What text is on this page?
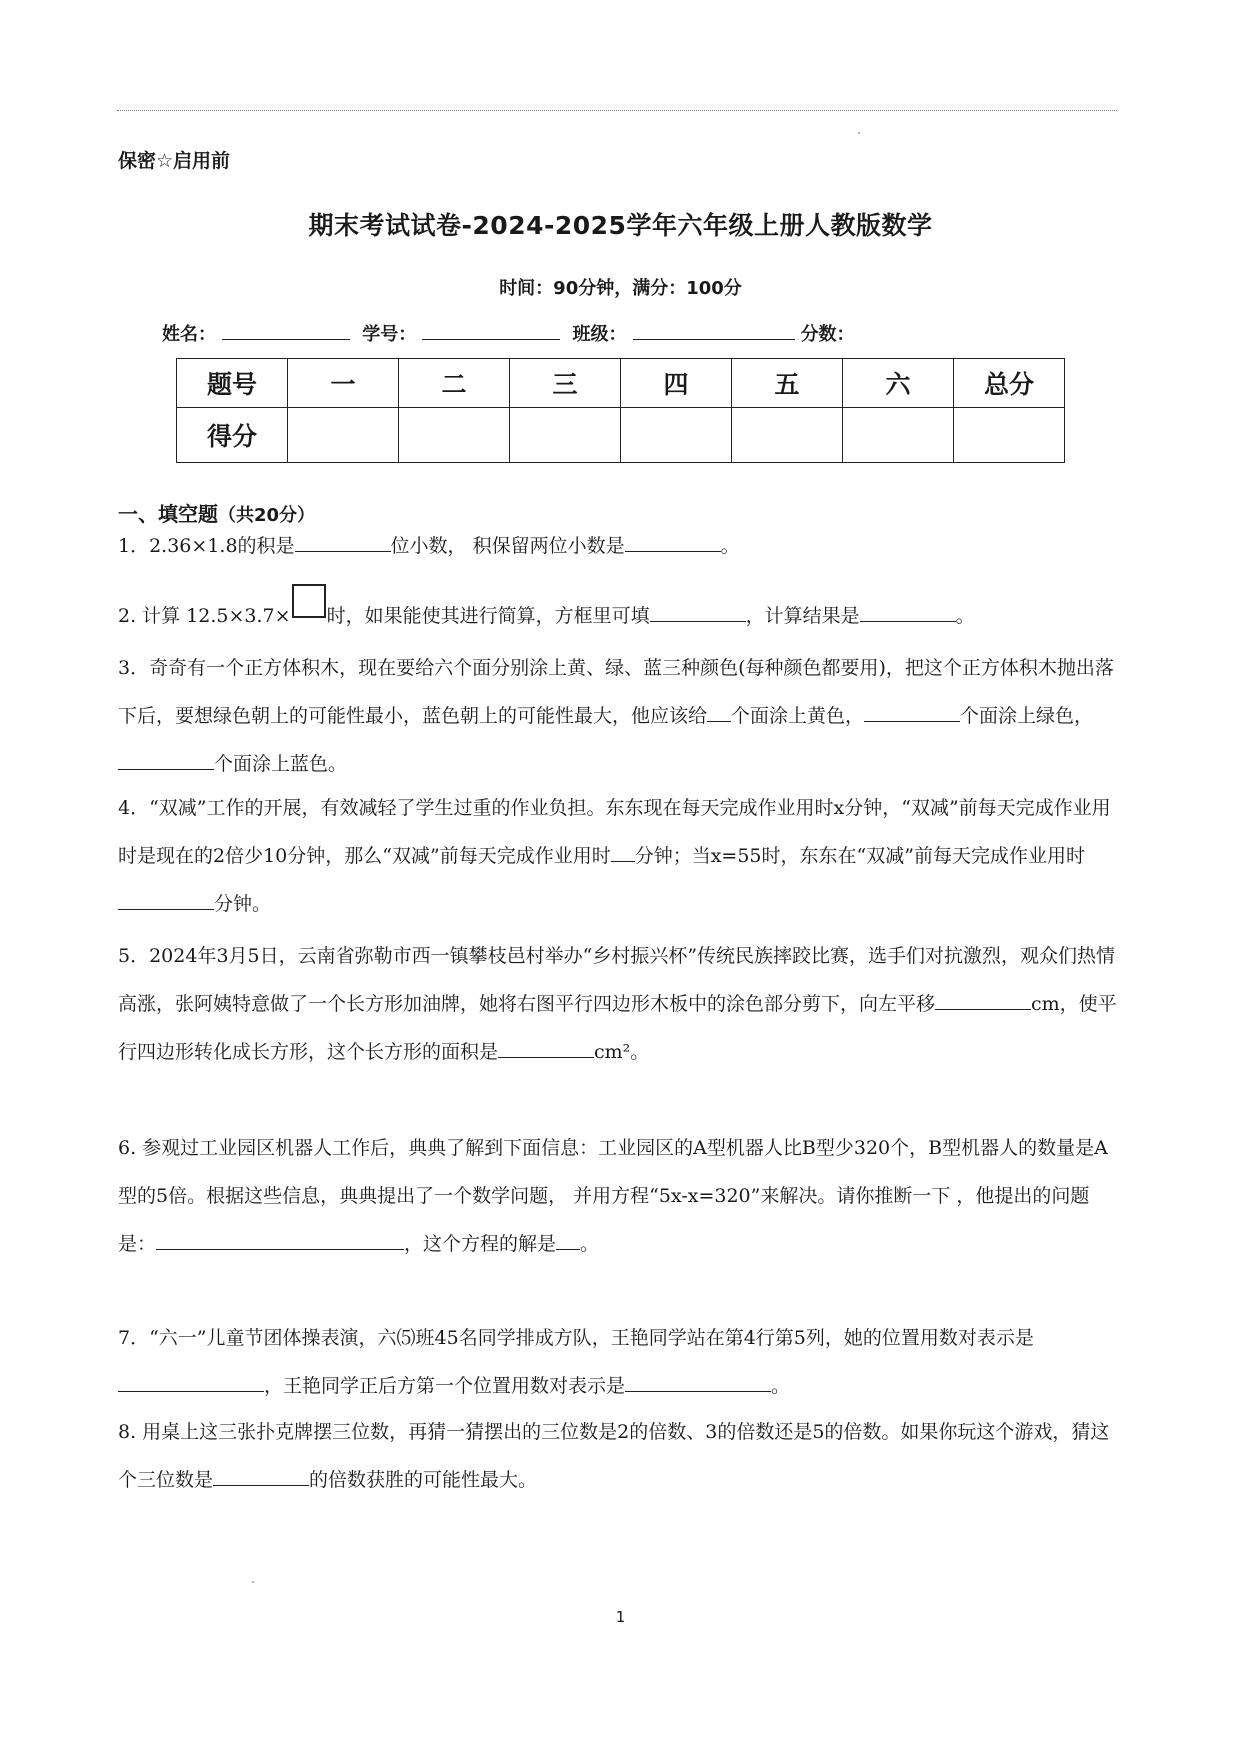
保密☆启用前
期末考试试卷-2024-2025学年六年级上册人教版数学
时间：90分钟，满分：100分
姓名：	学号：	班级：	分数：
题号	一	二	三	四	五	六	总分
得分							
一、填空题（共20分）
1．2.36×1.8的积是	位小数， 积保留两位小数是	。
2. 计算 12.5×3.7× 时，如果能使其进行简算，方框里可填	，计算结果是	。
3．奇奇有一个正方体积木，现在要给六个面分别涂上黄、绿、蓝三种颜色(每种颜色都要用)，把这个正方体积木抛出落下后，要想绿色朝上的可能性最小，蓝色朝上的可能性最大，他应该给 个面涂上黄色，	个面涂上绿色，个面涂上蓝色。
4．“双减”工作的开展，有效减轻了学生过重的作业负担。东东现在每天完成作业用时x分钟，“双减”前每天完成作业用时是现在的2倍少10分钟，那么“双减”前每天完成作业用时 分钟；当x=55时，东东在“双减”前每天完成作业用时分钟。
5．2024年3月5日，云南省弥勒市西一镇攀枝邑村举办“乡村振兴杯”传统民族摔跤比赛，选手们对抗激烈，观众们热情高涨，张阿姨特意做了一个长方形加油牌，她将右图平行四边形木板中的涂色部分剪下，向左平移	cm，使平行四边形转化成长方形，这个长方形的面积是	cm²。
6. 参观过工业园区机器人工作后，典典了解到下面信息：工业园区的A型机器人比B型少320个，B型机器人的数量是A型的5倍。根据这些信息，典典提出了一个数学问题， 并用方程“5x-x=320”来解决。请你推断一下 ，他提出的问题是：	，这个方程的解是 。
7．“六一”儿童节团体操表演，六⑸班45名同学排成方队，王艳同学站在第4行第5列，她的位置用数对表示是，王艳同学正后方第一个位置用数对表示是	。
8. 用桌上这三张扑克牌摆三位数，再猜一猜摆出的三位数是2的倍数、3的倍数还是5的倍数。如果你玩这个游戏，猜这个三位数是	的倍数获胜的可能性最大。
1
